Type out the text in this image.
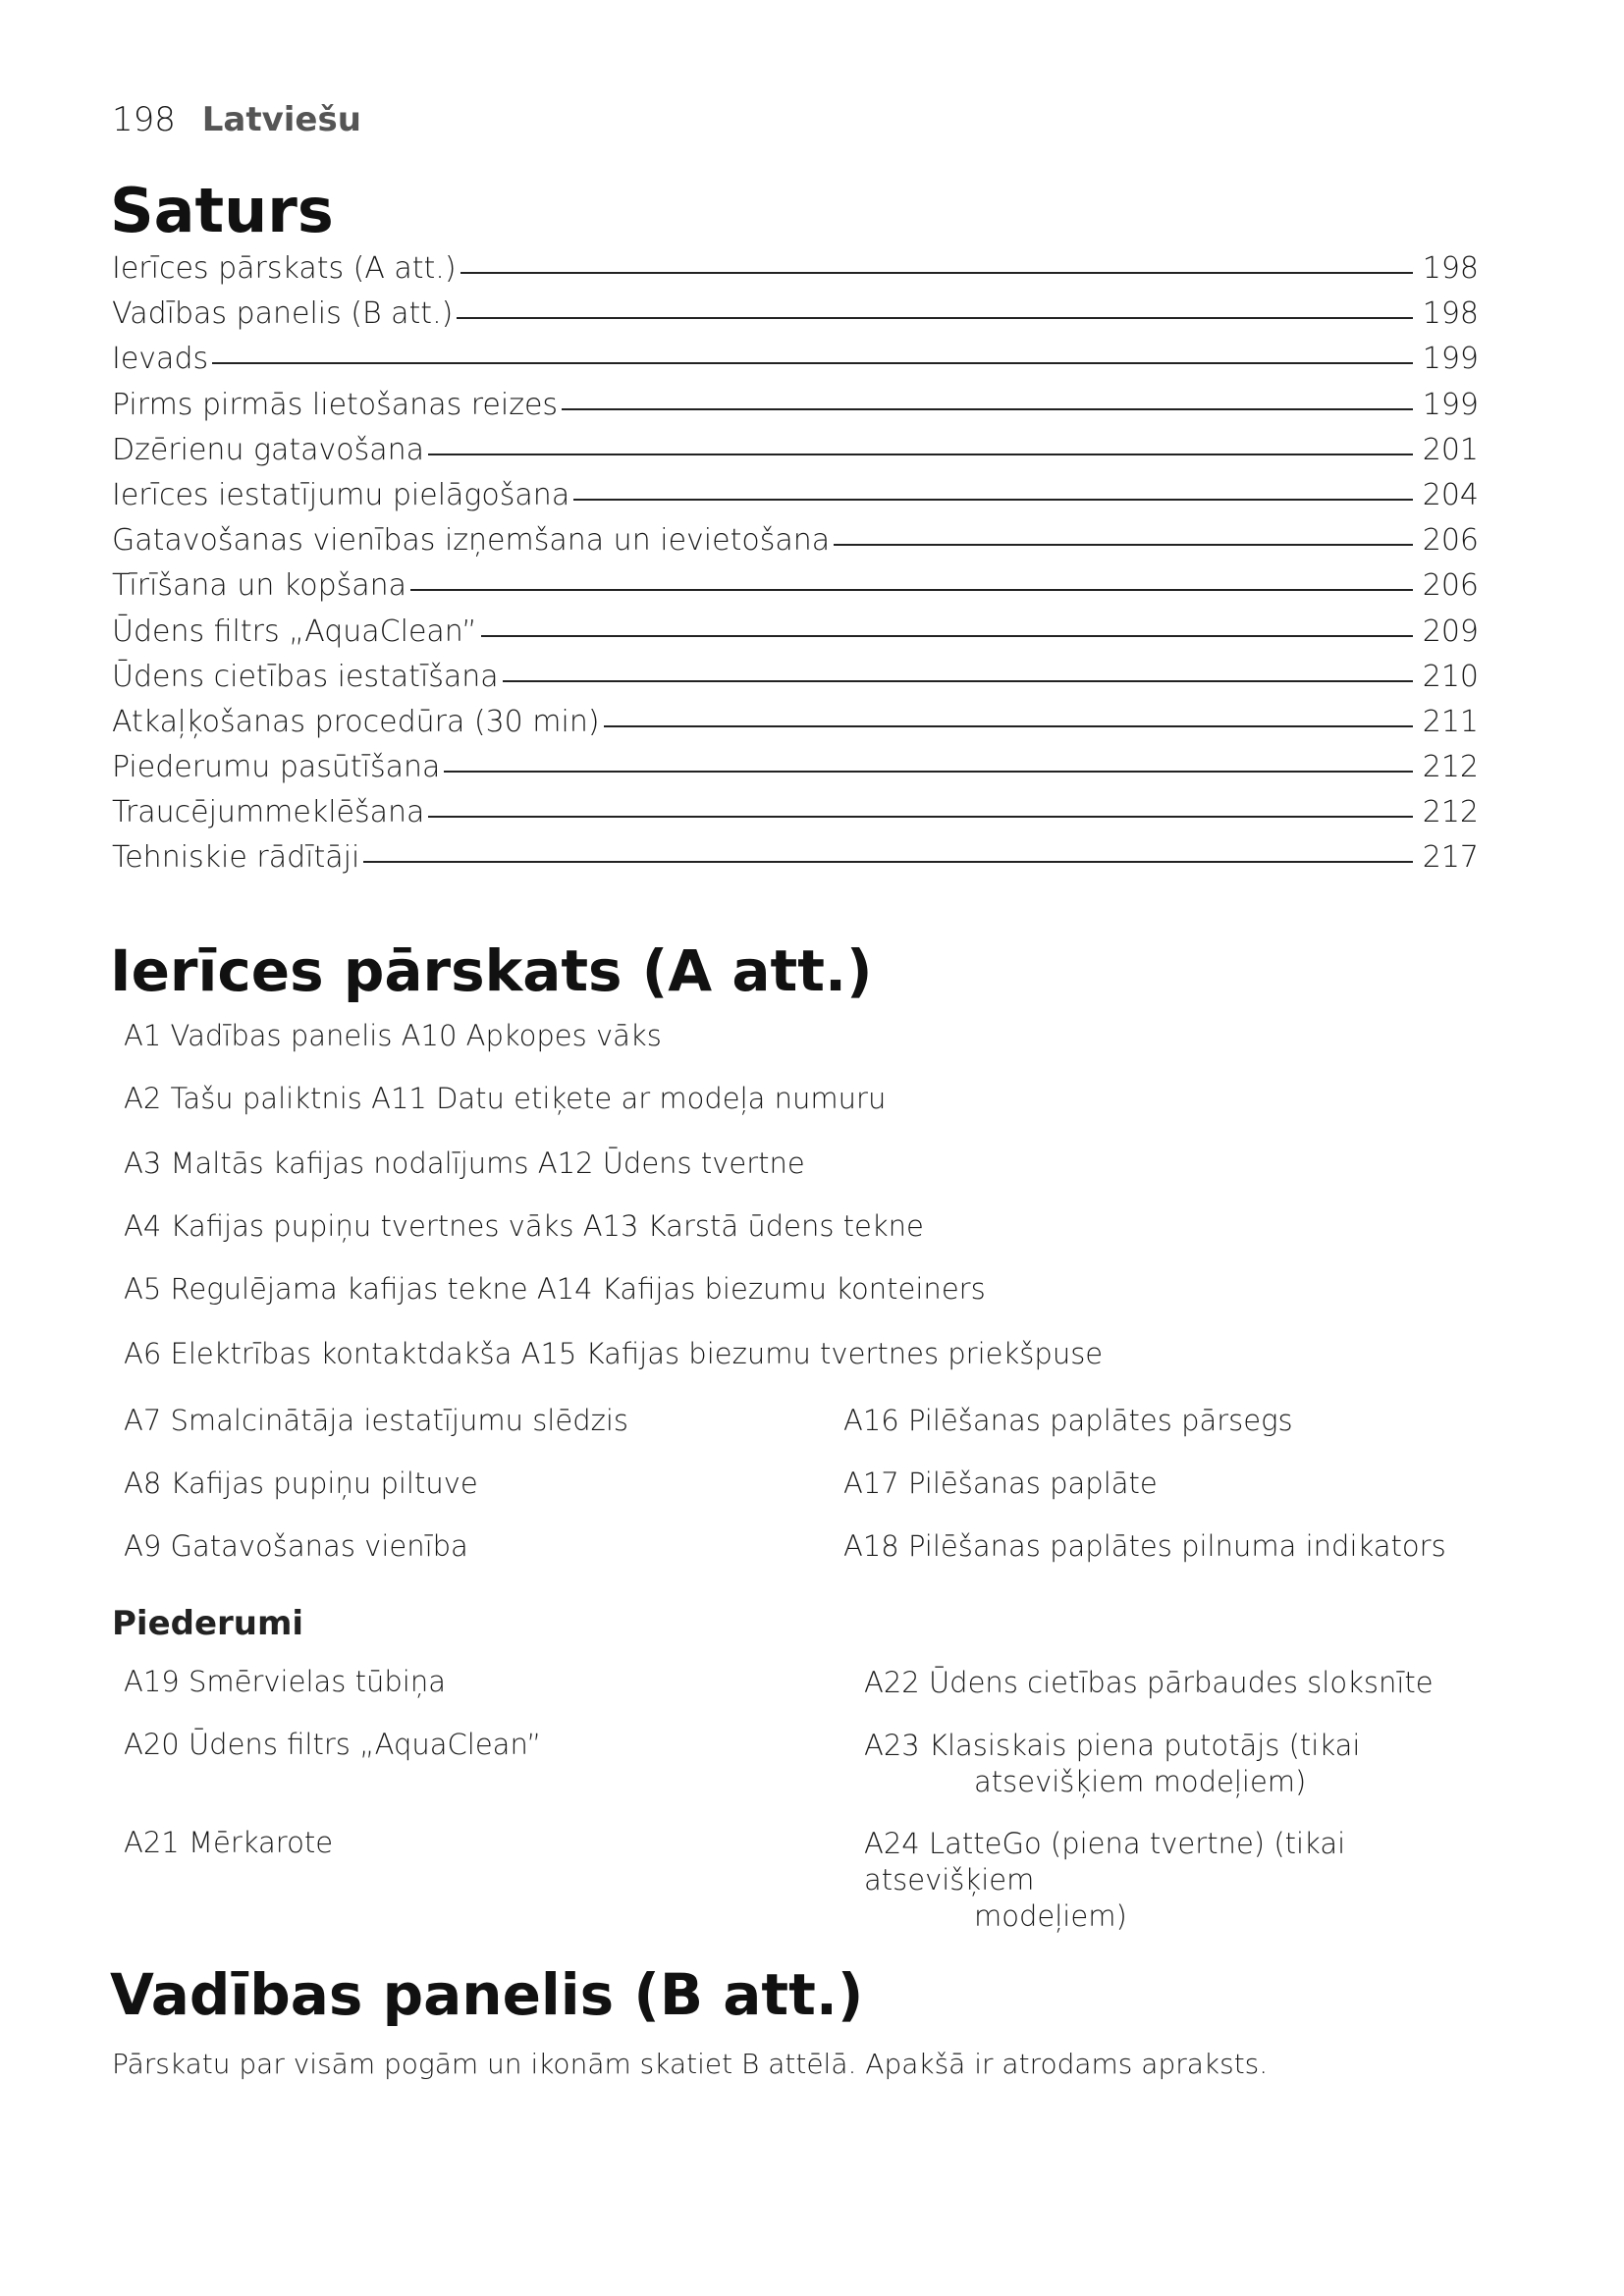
198 Latviešu
Saturs
Ierīces pārskats (A att.)	198
Vadības panelis (B att.)	198
Ievads	199
Pirms pirmās lietošanas reizes	199
Dzērienu gatavošana	201
Ierīces iestatījumu pielāgošana	204
Gatavošanas vienības izņemšana un ievietošana	206
Tīrīšana un kopšana	206
Ūdens filtrs „AquaClean”	209
Ūdens cietības iestatīšana	210
Atkaļķošanas procedūra (30 min)	211
Piederumu pasūtīšana	212
Traucējummeklēšana	212
Tehniskie rādītāji	217
Ierīces pārskats (A att.)
A1 Vadības panelis A10 Apkopes vāks
A2 Tašu paliktnis A11 Datu etiķete ar modeļa numuru
A3 Maltās kafijas nodalījums A12 Ūdens tvertne
A4 Kafijas pupiņu tvertnes vāks A13 Karstā ūdens tekne
A5 Regulējama kafijas tekne A14 Kafijas biezumu konteiners
A6 Elektrības kontaktdakša A15 Kafijas biezumu tvertnes priekšpuse
A7 Smalcinātāja iestatījumu slēdzis	A16 Pilēšanas paplātes pārsegs
A8 Kafijas pupiņu piltuve	A17 Pilēšanas paplāte
A9 Gatavošanas vienība	A18 Pilēšanas paplātes pilnuma indikators
Piederumi
A19 Smērvielas tūbiņa	A22 Ūdens cietības pārbaudes sloksnīte
A20 Ūdens filtrs „AquaClean”	A23 Klasiskais piena putotājs (tikai
atsevišķiem modeļiem)
A21 Mērkarote	A24 LatteGo (piena tvertne) (tikai atsevišķiem
modeļiem)
Vadības panelis (B att.)
Pārskatu par visām pogām un ikonām skatiet B attēlā. Apakšā ir atrodams apraksts.
